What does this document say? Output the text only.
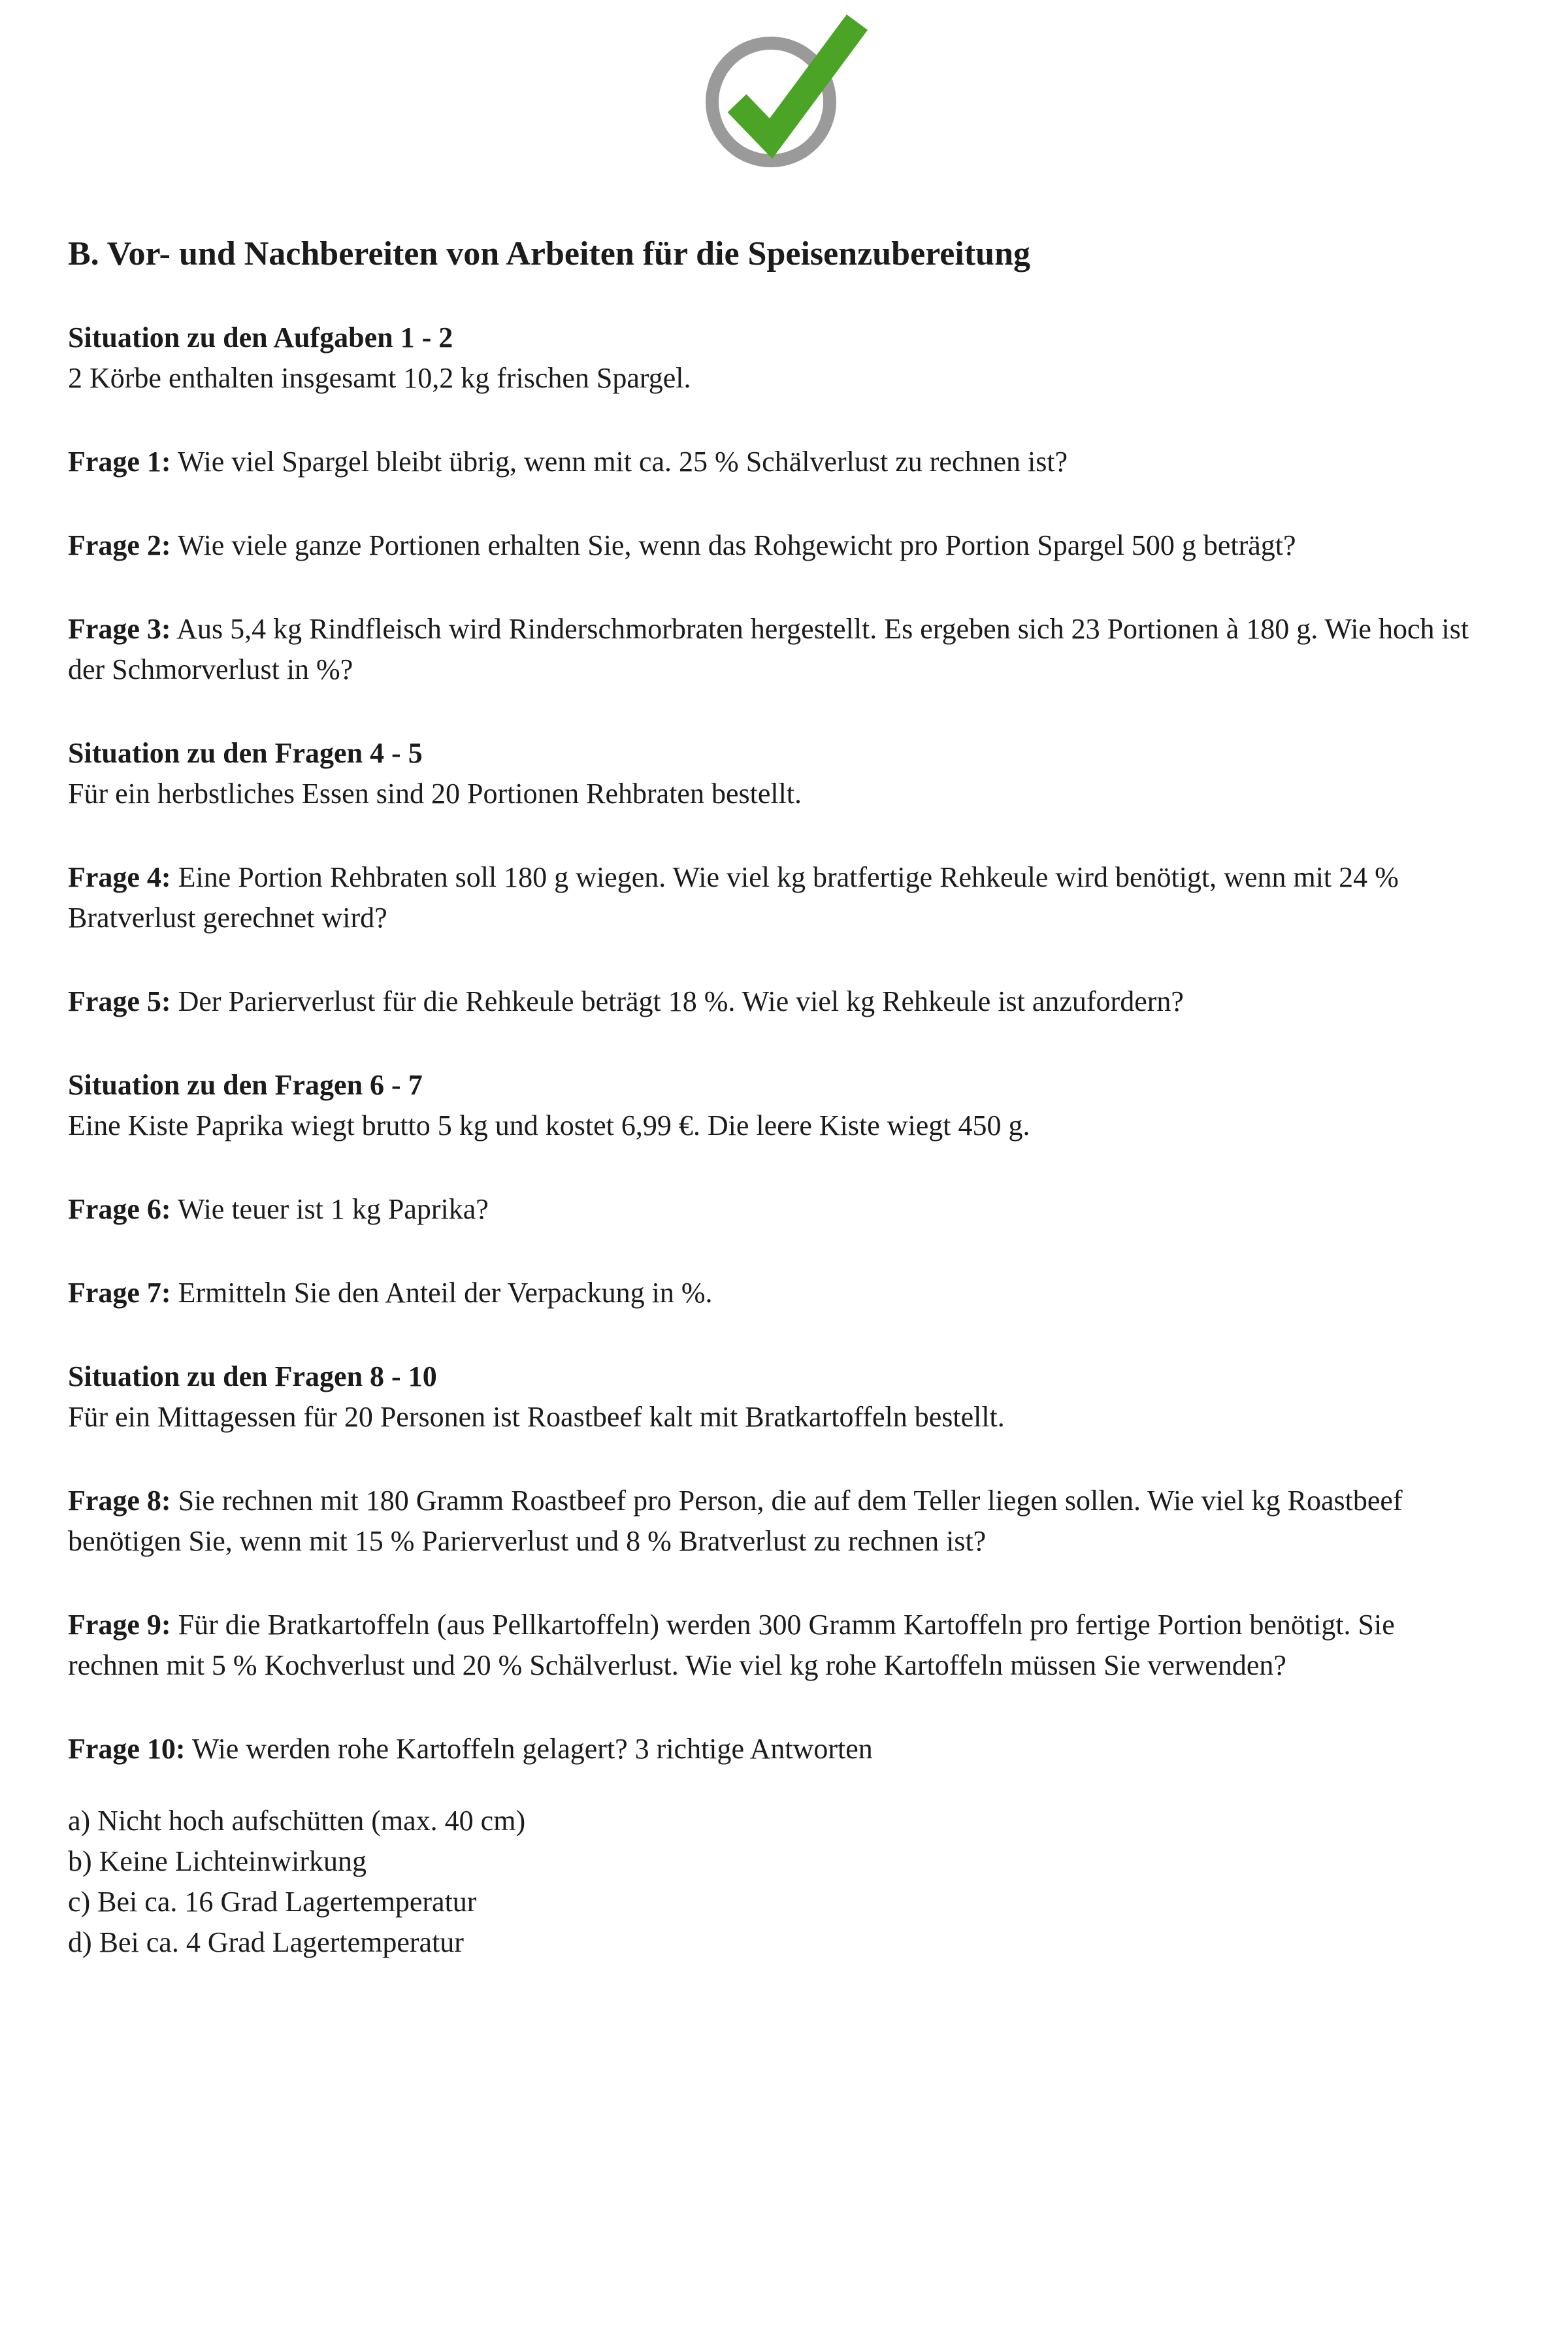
B. Vor- und Nachbereiten von Arbeiten für die Speisenzubereitung
Situation zu den Aufgaben 1 - 2

2 Körbe enthalten insgesamt 10,2 kg frischen Spargel.

Frage 1: Wie viel Spargel bleibt übrig, wenn mit ca. 25 % Schälverlust zu rechnen ist?

Frage 2: Wie viele ganze Portionen erhalten Sie, wenn das Rohgewicht pro Portion Spargel 500 g beträgt?

Frage 3: Aus 5,4 kg Rindfleisch wird Rinderschmorbraten hergestellt. Es ergeben sich 23 Portionen à 180 g. Wie hoch ist der Schmorverlust in %?

Situation zu den Fragen 4 - 5

Für ein herbstliches Essen sind 20 Portionen Rehbraten bestellt.

Frage 4: Eine Portion Rehbraten soll 180 g wiegen. Wie viel kg bratfertige Rehkeule wird benötigt, wenn mit 24 % Bratverlust gerechnet wird?

Frage 5: Der Parierverlust für die Rehkeule beträgt 18 %. Wie viel kg Rehkeule ist anzufordern?

Situation zu den Fragen 6 - 7

Eine Kiste Paprika wiegt brutto 5 kg und kostet 6,99 €. Die leere Kiste wiegt 450 g.

Frage 6: Wie teuer ist 1 kg Paprika?

Frage 7: Ermitteln Sie den Anteil der Verpackung in %.

Situation zu den Fragen 8 - 10

Für ein Mittagessen für 20 Personen ist Roastbeef kalt mit Bratkartoffeln bestellt.

Frage 8: Sie rechnen mit 180 Gramm Roastbeef pro Person, die auf dem Teller liegen sollen. Wie viel kg Roastbeef benötigen Sie, wenn mit 15 % Parierverlust und 8 % Bratverlust zu rechnen ist?

Frage 9: Für die Bratkartoffeln (aus Pellkartoffeln) werden 300 Gramm Kartoffeln pro fertige Portion benötigt. Sie rechnen mit 5 % Kochverlust und 20 % Schälverlust. Wie viel kg rohe Kartoffeln müssen Sie verwenden?

Frage 10: Wie werden rohe Kartoffeln gelagert? 3 richtige Antworten

a) Nicht hoch aufschütten (max. 40 cm)

b) Keine Lichteinwirkung

c) Bei ca. 16 Grad Lagertemperatur

d) Bei ca. 4 Grad Lagertemperatur
